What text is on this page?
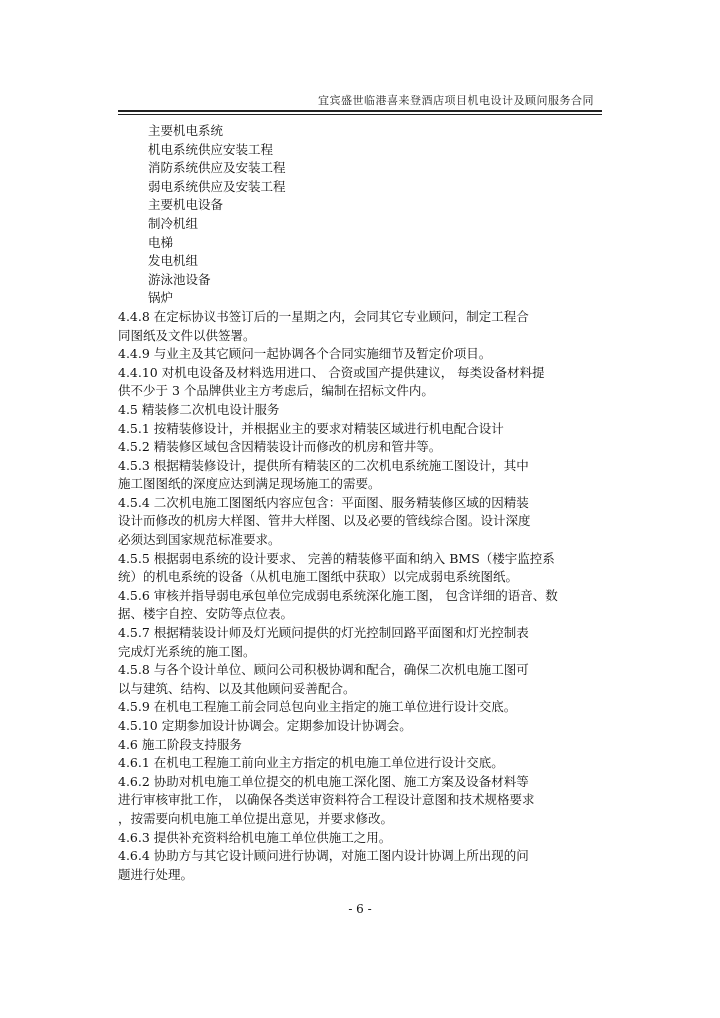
宜宾盛世临港喜来登酒店项目机电设计及顾问服务合同
主要机电系统
机电系统供应安装工程
消防系统供应及安装工程
弱电系统供应及安装工程
主要机电设备
制冷机组
电梯
发电机组
游泳池设备
锅炉
4.4.8 在定标协议书签订后的一星期之内，会同其它专业顾问，制定工程合
同图纸及文件以供签署。
4.4.9 与业主及其它顾问一起协调各个合同实施细节及暂定价项目。
4.4.10 对机电设备及材料选用进口、 合资或国产提供建议， 每类设备材料提
供不少于 3 个品牌供业主方考虑后，编制在招标文件内。
4.5 精装修二次机电设计服务
4.5.1 按精装修设计，并根据业主的要求对精装区域进行机电配合设计
4.5.2 精装修区域包含因精装设计而修改的机房和管井等。
4.5.3 根据精装修设计，提供所有精装区的二次机电系统施工图设计，其中
施工图图纸的深度应达到满足现场施工的需要。
4.5.4 二次机电施工图图纸内容应包含：平面图、服务精装修区域的因精装
设计而修改的机房大样图、管井大样图、以及必要的管线综合图。设计深度
必须达到国家规范标准要求。
4.5.5 根据弱电系统的设计要求、 完善的精装修平面和纳入 BMS（楼宇监控系
统）的机电系统的设备（从机电施工图纸中获取）以完成弱电系统图纸。
4.5.6 审核并指导弱电承包单位完成弱电系统深化施工图， 包含详细的语音、数
据、楼宇自控、安防等点位表。
4.5.7 根据精装设计师及灯光顾问提供的灯光控制回路平面图和灯光控制表
完成灯光系统的施工图。
4.5.8 与各个设计单位、顾问公司积极协调和配合，确保二次机电施工图可
以与建筑、结构、以及其他顾问妥善配合。
4.5.9 在机电工程施工前会同总包向业主指定的施工单位进行设计交底。
4.5.10 定期参加设计协调会。定期参加设计协调会。
4.6 施工阶段支持服务
4.6.1 在机电工程施工前向业主方指定的机电施工单位进行设计交底。
4.6.2 协助对机电施工单位提交的机电施工深化图、施工方案及设备材料等
进行审核审批工作， 以确保各类送审资料符合工程设计意图和技术规格要求
，按需要向机电施工单位提出意见，并要求修改。
4.6.3 提供补充资料给机电施工单位供施工之用。
4.6.4 协助方与其它设计顾问进行协调，对施工图内设计协调上所出现的问
题进行处理。
- 6 -
